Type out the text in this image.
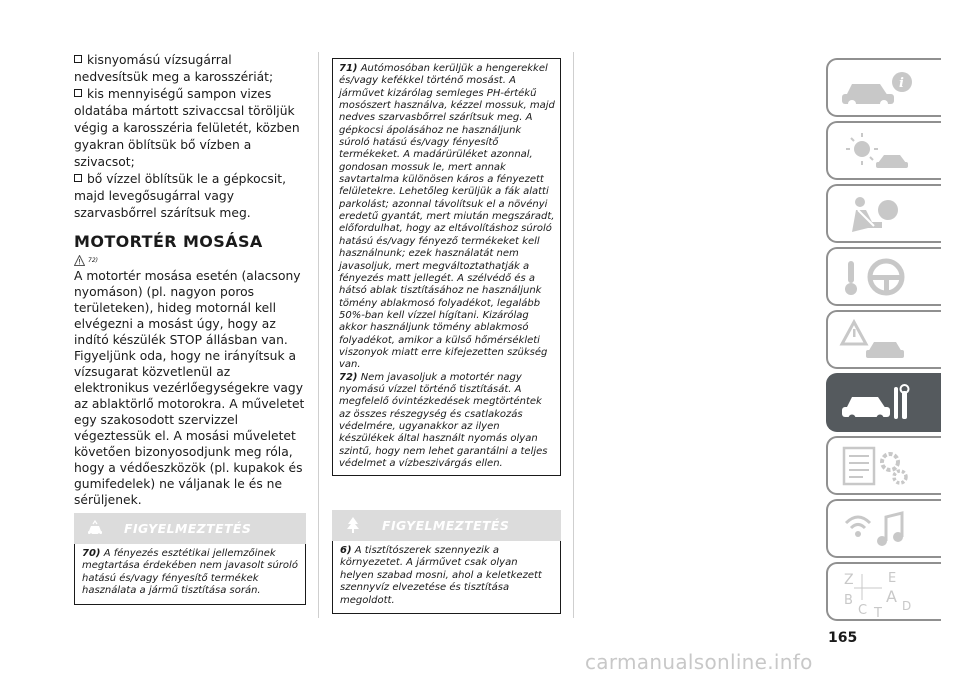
kisnyomású vízsugárral nedvesítsük meg a karosszériát;
kis mennyiségű sampon vizes oldatába mártott szivaccsal töröljük végig a karosszéria felületét, közben gyakran öblítsük bő vízben a szivacsot;
bő vízzel öblítsük le a gépkocsit, majd levegősugárral vagy szarvasbőrrel szárítsuk meg.
MOTORTÉR MOSÁSA
72)
A motortér mosása esetén (alacsony nyomáson) (pl. nagyon poros területeken), hideg motornál kell elvégezni a mosást úgy, hogy az indító készülék STOP állásban van. Figyeljünk oda, hogy ne irányítsuk a vízsugarat közvetlenül az elektronikus vezérlőegységekre vagy az ablaktörlő motorokra. A műveletet egy szakosodott szervizzel végeztessük el. A mosási műveletet követően bizonyosodjunk meg róla, hogy a védőeszközök (pl. kupakok és gumifedelek) ne váljanak le és ne sérüljenek.
FIGYELMEZTETÉS
70) A fényezés esztétikai jellemzőinek megtartása érdekében nem javasolt súroló hatású és/vagy fényesítő termékek használata a jármű tisztítása során.

71) Autómosóban kerüljük a hengerekkel és/vagy kefékkel történő mosást. A járművet kizárólag semleges PH-értékű mosószert használva, kézzel mossuk, majd nedves szarvasbőrrel szárítsuk meg. A gépkocsi ápolásához ne használjunk súroló hatású és/vagy fényesítő termékeket. A madárürüléket azonnal, gondosan mossuk le, mert annak savtartalma különösen káros a fényezett felületekre. Lehetőleg kerüljük a fák alatti parkolást; azonnal távolítsuk el a növényi eredetű gyantát, mert miután megszáradt, előfordulhat, hogy az eltávolításhoz súroló hatású és/vagy fényező termékeket kell használnunk; ezek használatát nem javasoljuk, mert megváltoztathatják a fényezés matt jellegét. A szélvédő és a hátsó ablak tisztításához ne használjunk tömény ablakmosó folyadékot, legalább 50%-ban kell vízzel hígítani. Kizárólag akkor használjunk tömény ablakmosó folyadékot, amikor a külső hőmérsékleti viszonyok miatt erre kifejezetten szükség van.

72) Nem javasoljuk a motortér nagy nyomású vízzel történő tisztítását. A megfelelő óvintézkedések megtörténtek az összes részegység és csatlakozás védelmére, ugyanakkor az ilyen készülékek által használt nyomás olyan szintű, hogy nem lehet garantálni a teljes védelmet a vízbeszivárgás ellen.

FIGYELMEZTETÉS
6) A tisztítószerek szennyezik a környezetet. A járművet csak olyan helyen szabad mosni, ahol a keletkezett szennyvíz elvezetése és tisztítása megoldott.
i
Z	E
B A
C T D
165
carmanualsonline.info
